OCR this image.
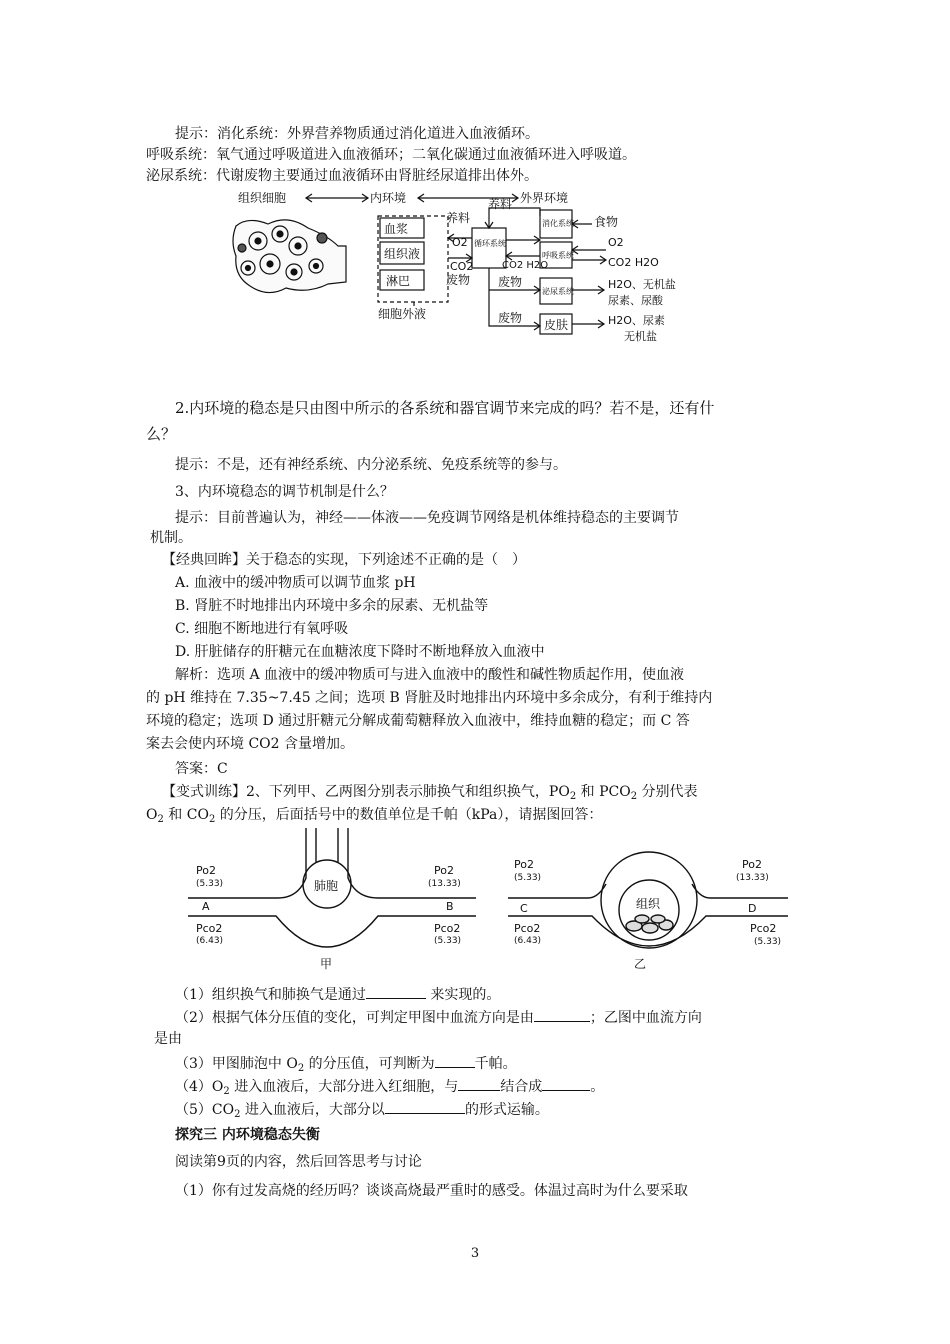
提示：消化系统：外界营养物质通过消化道进入血液循环。
呼吸系统：氧气通过呼吸道进入血液循环；二氧化碳通过血液循环进入呼吸道。
泌尿系统：代谢废物主要通过血液循环由肾脏经尿道排出体外。
组织细胞	内环境	外界环境
血浆
组织液
淋巴
细胞外液
养料
养料
O2
CO2
废物 废物
废物
循环系统
消化系统
呼吸系统
泌尿系统
皮肤
食物
O2
CO2 H2O	CO2 H2O
H2O、无机盐
尿素、尿酸
H2O、尿素
无机盐
2.内环境的稳态是只由图中所示的各系统和器官调节来完成的吗？若不是，还有什
么？
提示：不是，还有神经系统、内分泌系统、免疫系统等的参与。
3、内环境稳态的调节机制是什么？
提示：目前普遍认为，神经——体液——免疫调节网络是机体维持稳态的主要调节
机制。
【经典回眸】关于稳态的实现，下列途述不正确的是（　）
A. 血液中的缓冲物质可以调节血浆 pH
B. 肾脏不时地排出内环境中多余的尿素、无机盐等
C. 细胞不断地进行有氧呼吸
D. 肝脏储存的肝糖元在血糖浓度下降时不断地释放入血液中
解析：选项 A 血液中的缓冲物质可与进入血液中的酸性和碱性物质起作用，使血液
的 pH 维持在 7.35~7.45 之间；选项 B 肾脏及时地排出内环境中多余成分，有利于维持内
环境的稳定；选项 D 通过肝糖元分解成葡萄糖释放入血液中，维持血糖的稳定；而 C 答
案去会使内环境 CO2 含量增加。
答案：C
【变式训练】2、下列甲、乙两图分别表示肺换气和组织换气，$PO_2$ 和 $PCO_2$ 分别代表
$O_2$ 和 $CO_2$ 的分压，后面括号中的数值单位是千帕（kPa），请据图回答：
Po2
(5.33)
Po2
(13.33)
A	B
Pco2
(6.43)
Pco2
(5.33)
肺胞
甲
Po2
(5.33)
Po2
(13.33)
C	D
Pco2
(6.43)
Pco2
(5.33)
组织
乙
（1）组织换气和肺换气是通过	来实现的。
（2）根据气体分压值的变化，可判定甲图中血流方向是由	；乙图中血流方向
是由
（3）甲图肺泡中 $O_2$ 的分压值，可判断为	千帕。
$(4)O_2$ 进入血液后，大部分进入红细胞，与	结合成	。
$(5)CO_2$ 进入血液后，大部分以	的形式运输。
探究三 内环境稳态失衡
阅读第9页的内容，然后回答思考与讨论
（1）你有过发高烧的经历吗？谈谈高烧最严重时的感受。体温过高时为什么要采取
3
